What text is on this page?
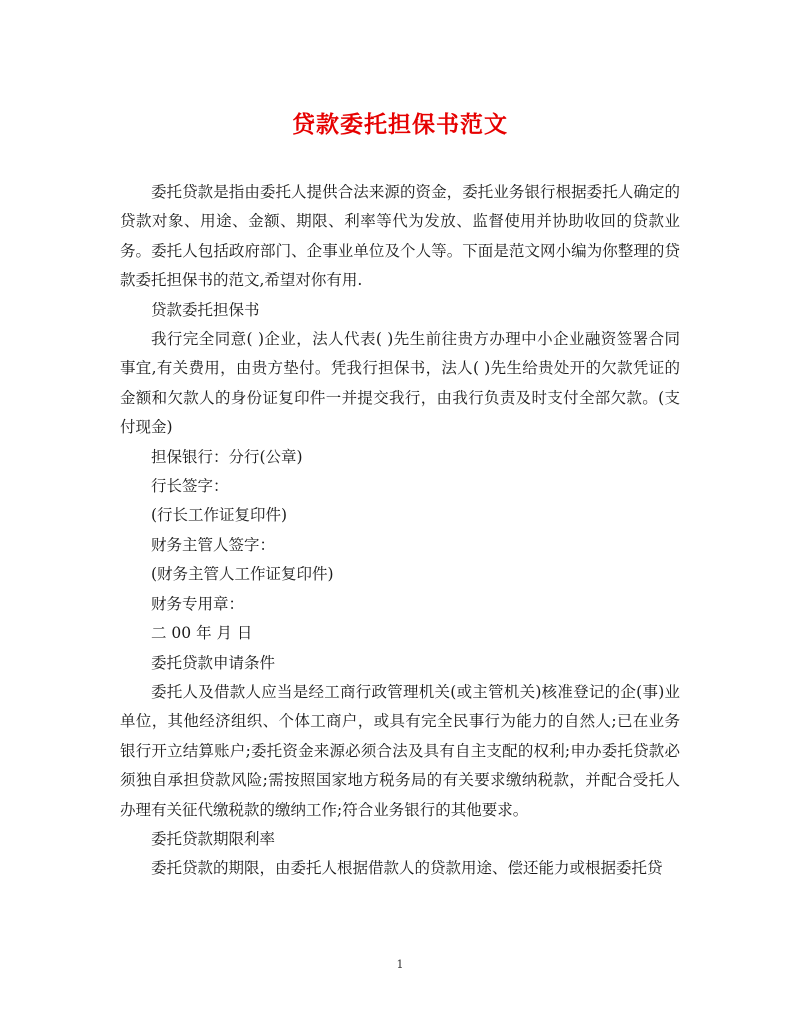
贷款委托担保书范文

委托贷款是指由委托人提供合法来源的资金，委托业务银行根据委托人确定的贷款对象、用途、金额、期限、利率等代为发放、监督使用并协助收回的贷款业务。委托人包括政府部门、企事业单位及个人等。下面是范文网小编为你整理的贷款委托担保书的范文,希望对你有用.

贷款委托担保书

我行完全同意( )企业，法人代表( )先生前往贵方办理中小企业融资签署合同事宜,有关费用，由贵方垫付。凭我行担保书，法人( )先生给贵处开的欠款凭证的金额和欠款人的身份证复印件一并提交我行，由我行负责及时支付全部欠款。(支付现金)

担保银行：分行(公章)

行长签字：

(行长工作证复印件)

财务主管人签字：

(财务主管人工作证复印件)

财务专用章：

二 00 年 月 日

委托贷款申请条件

委托人及借款人应当是经工商行政管理机关(或主管机关)核准登记的企(事)业单位，其他经济组织、个体工商户，或具有完全民事行为能力的自然人;已在业务银行开立结算账户;委托资金来源必须合法及具有自主支配的权利;申办委托贷款必须独自承担贷款风险;需按照国家地方税务局的有关要求缴纳税款，并配合受托人办理有关征代缴税款的缴纳工作;符合业务银行的其他要求。

委托贷款期限利率

委托贷款的期限，由委托人根据借款人的贷款用途、偿还能力或根据委托贷

1
